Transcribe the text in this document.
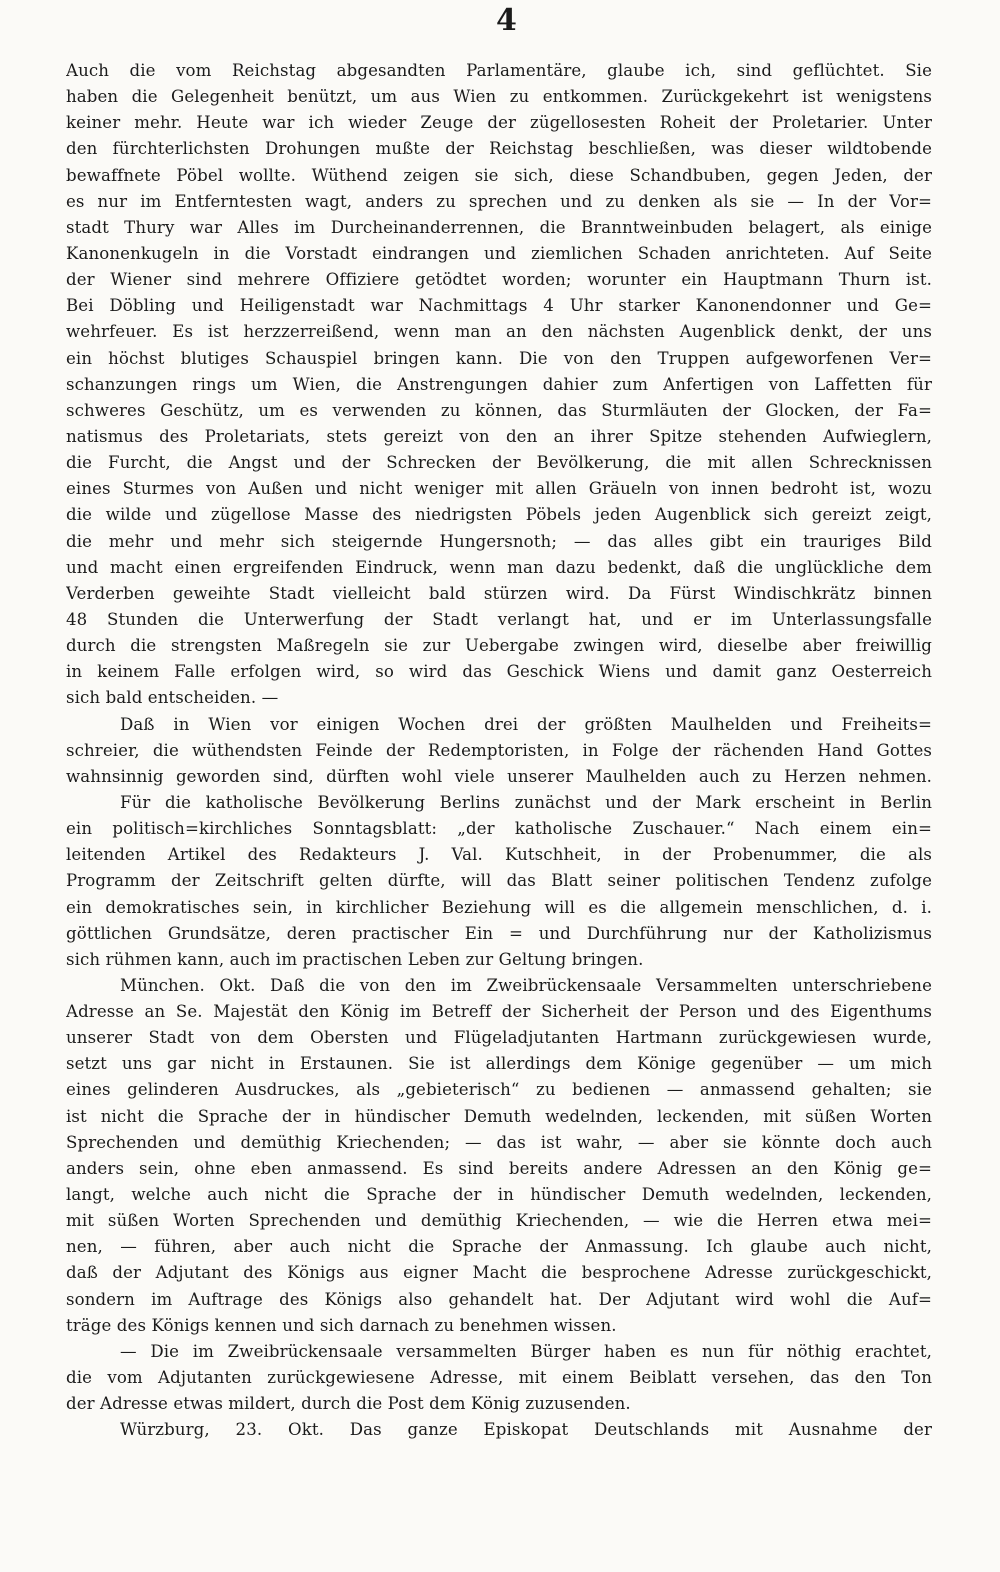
4
Auch die vom Reichstag abgesandten Parlamentäre, glaube ich, sind geflüchtet. Sie
haben die Gelegenheit benützt, um aus Wien zu entkommen. Zurückgekehrt ist wenigstens
keiner mehr. Heute war ich wieder Zeuge der zügellosesten Roheit der Proletarier. Unter
den fürchterlichsten Drohungen mußte der Reichstag beschließen, was dieser wildtobende
bewaffnete Pöbel wollte. Wüthend zeigen sie sich, diese Schandbuben, gegen Jeden, der
es nur im Entferntesten wagt, anders zu sprechen und zu denken als sie — In der Vor=
stadt Thury war Alles im Durcheinanderrennen, die Branntweinbuden belagert, als einige
Kanonenkugeln in die Vorstadt eindrangen und ziemlichen Schaden anrichteten. Auf Seite
der Wiener sind mehrere Offiziere getödtet worden; worunter ein Hauptmann Thurn ist.
Bei Döbling und Heiligenstadt war Nachmittags 4 Uhr starker Kanonendonner und Ge=
wehrfeuer. Es ist herzzerreißend, wenn man an den nächsten Augenblick denkt, der uns
ein höchst blutiges Schauspiel bringen kann. Die von den Truppen aufgeworfenen Ver=
schanzungen rings um Wien, die Anstrengungen dahier zum Anfertigen von Laffetten für
schweres Geschütz, um es verwenden zu können, das Sturmläuten der Glocken, der Fa=
natismus des Proletariats, stets gereizt von den an ihrer Spitze stehenden Aufwieglern,
die Furcht, die Angst und der Schrecken der Bevölkerung, die mit allen Schrecknissen
eines Sturmes von Außen und nicht weniger mit allen Gräueln von innen bedroht ist, wozu
die wilde und zügellose Masse des niedrigsten Pöbels jeden Augenblick sich gereizt zeigt,
die mehr und mehr sich steigernde Hungersnoth; — das alles gibt ein trauriges Bild
und macht einen ergreifenden Eindruck, wenn man dazu bedenkt, daß die unglückliche dem
Verderben geweihte Stadt vielleicht bald stürzen wird. Da Fürst Windischkrätz binnen
48 Stunden die Unterwerfung der Stadt verlangt hat, und er im Unterlassungsfalle
durch die strengsten Maßregeln sie zur Uebergabe zwingen wird, dieselbe aber freiwillig
in keinem Falle erfolgen wird, so wird das Geschick Wiens und damit ganz Oesterreich
sich bald entscheiden. —
Daß in Wien vor einigen Wochen drei der größten Maulhelden und Freiheits=
schreier, die wüthendsten Feinde der Redemptoristen, in Folge der rächenden Hand Gottes
wahnsinnig geworden sind, dürften wohl viele unserer Maulhelden auch zu Herzen nehmen.
Für die katholische Bevölkerung Berlins zunächst und der Mark erscheint in Berlin
ein politisch=kirchliches Sonntagsblatt: „der katholische Zuschauer.“ Nach einem ein=
leitenden Artikel des Redakteurs J. Val. Kutschheit, in der Probenummer, die als
Programm der Zeitschrift gelten dürfte, will das Blatt seiner politischen Tendenz zufolge
ein demokratisches sein, in kirchlicher Beziehung will es die allgemein menschlichen, d. i.
göttlichen Grundsätze, deren practischer Ein = und Durchführung nur der Katholizismus
sich rühmen kann, auch im practischen Leben zur Geltung bringen.
München. Okt. Daß die von den im Zweibrückensaale Versammelten unterschriebene
Adresse an Se. Majestät den König im Betreff der Sicherheit der Person und des Eigenthums
unserer Stadt von dem Obersten und Flügeladjutanten Hartmann zurückgewiesen wurde,
setzt uns gar nicht in Erstaunen. Sie ist allerdings dem Könige gegenüber — um mich
eines gelinderen Ausdruckes, als „gebieterisch“ zu bedienen — anmassend gehalten; sie
ist nicht die Sprache der in hündischer Demuth wedelnden, leckenden, mit süßen Worten
Sprechenden und demüthig Kriechenden; — das ist wahr, — aber sie könnte doch auch
anders sein, ohne eben anmassend. Es sind bereits andere Adressen an den König ge=
langt, welche auch nicht die Sprache der in hündischer Demuth wedelnden, leckenden,
mit süßen Worten Sprechenden und demüthig Kriechenden, — wie die Herren etwa mei=
nen, — führen, aber auch nicht die Sprache der Anmassung. Ich glaube auch nicht,
daß der Adjutant des Königs aus eigner Macht die besprochene Adresse zurückgeschickt,
sondern im Auftrage des Königs also gehandelt hat. Der Adjutant wird wohl die Auf=
träge des Königs kennen und sich darnach zu benehmen wissen.
— Die im Zweibrückensaale versammelten Bürger haben es nun für nöthig erachtet,
die vom Adjutanten zurückgewiesene Adresse, mit einem Beiblatt versehen, das den Ton
der Adresse etwas mildert, durch die Post dem König zuzusenden.
Würzburg, 23. Okt. Das ganze Episkopat Deutschlands mit Ausnahme der
